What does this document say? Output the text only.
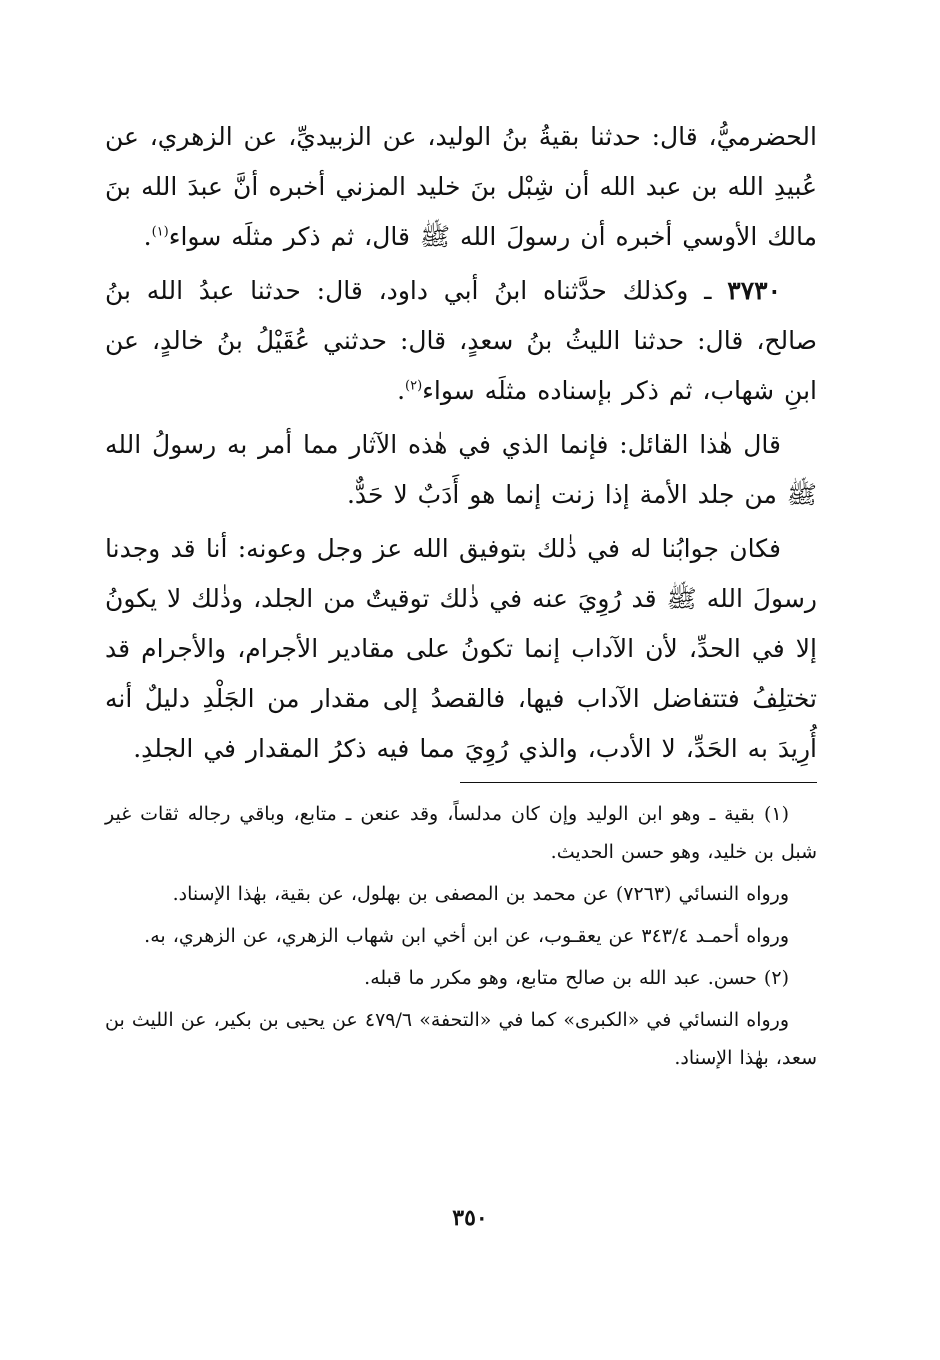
الحضرميُّ، قال: حدثنا بقيةُ بنُ الوليد، عن الزبيديِّ، عن الزهري، عن عُبيدِ الله بن عبد الله أن شِبْل بنَ خليد المزني أخبره أنَّ عبدَ الله بنَ مالك الأوسي أخبره أن رسولَ الله ﷺ قال، ثم ذكر مثلَه سواء$^{(١)}$.

٣٧٣٠ ـ وكذلك حدَّثناه ابنُ أبي داود، قال: حدثنا عبدُ الله بنُ صالح، قال: حدثنا الليثُ بنُ سعدٍ، قال: حدثني عُقَيْلُ بنُ خالدٍ، عن ابنِ شهاب، ثم ذكر بإسناده مثلَه سواء$^{(٢)}$.

قال هٰذا القائل: فإنما الذي في هٰذه الآثار مما أمر به رسولُ الله ﷺ من جلد الأمة إذا زنت إنما هو أَدَبٌ لا حَدٌّ.

فكان جوابُنا له في ذٰلك بتوفيق الله عز وجل وعونه: أنا قد وجدنا رسولَ الله ﷺ قد رُوِيَ عنه في ذٰلك توقيتٌ من الجلد، وذٰلك لا يكونُ إلا في الحدِّ، لأن الآداب إنما تكونُ على مقادير الأجرام، والأجرام قد تختلِفُ فتتفاضل الآداب فيها، فالقصدُ إلى مقدار من الجَلْدِ دليلٌ أنه أُرِيدَ به الحَدِّ، لا الأدب، والذي رُوِيَ مما فيه ذكرُ المقدار في الجلدِ.

(١) بقية ـ وهو ابن الوليد وإن كان مدلساً، وقد عنعن ـ متابع، وباقي رجاله ثقات غير شبل بن خليد، وهو حسن الحديث.

ورواه النسائي (٧٢٦٣) عن محمد بن المصفى بن بهلول، عن بقية، بهٰذا الإسناد.

ورواه أحمـد ٣٤٣/٤ عن يعقـوب، عن ابن أخي ابن شهاب الزهري، عن الزهري، به.

(٢) حسن. عبد الله بن صالح متابع، وهو مكرر ما قبله.

ورواه النسائي في «الكبرى» كما في «التحفة» ٤٧٩/٦ عن يحيى بن بكير، عن الليث بن سعد، بهٰذا الإسناد.

٣٥٠
